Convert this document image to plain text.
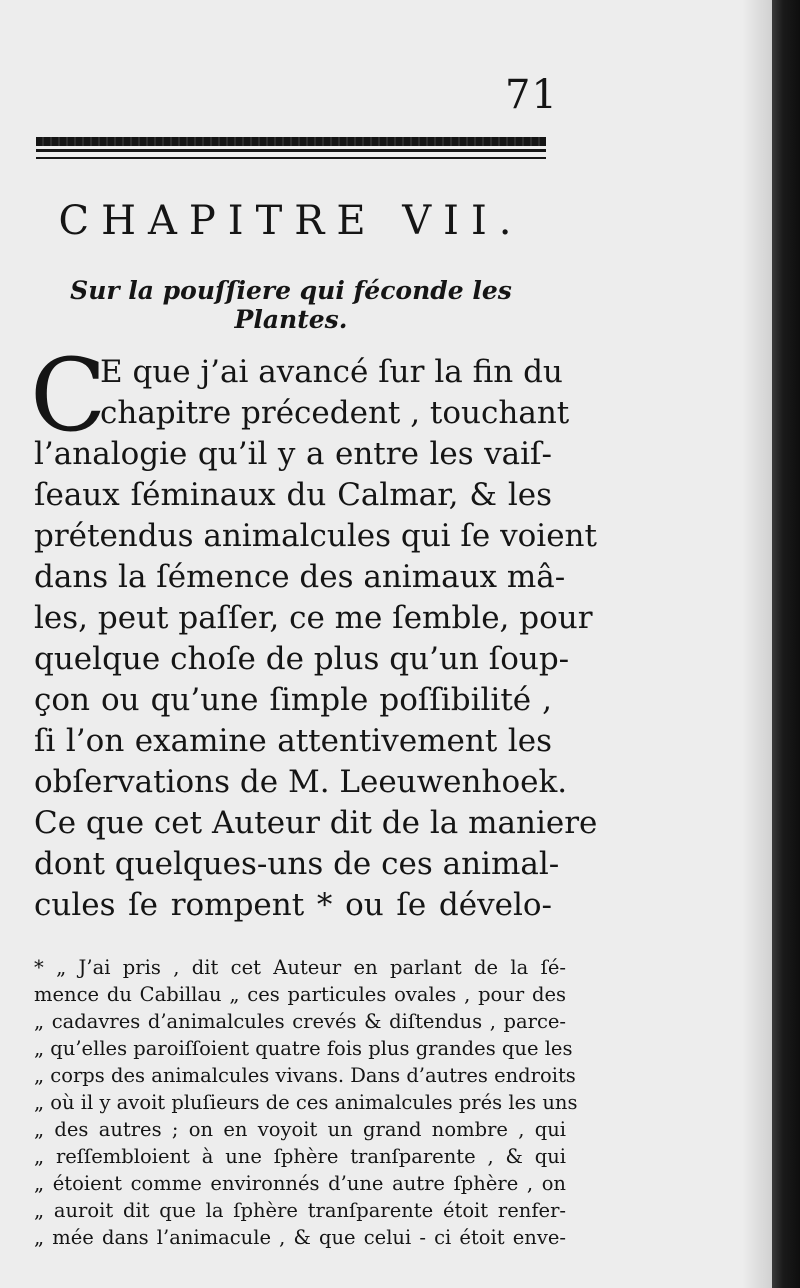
71
CHAPITRE VII.
Sur la pouſſiere qui féconde les Plantes.
C
E que j’ai avancé ſur la fin du
chapitre précedent , touchant
l’analogie qu’il y a entre les vaiſ-
ſeaux ſéminaux du Calmar, & les
prétendus animalcules qui ſe voient
dans la ſémence des animaux mâ-
les, peut paſſer, ce me ſemble, pour
quelque choſe de plus qu’un ſoup-
çon ou qu’une ſimple poſſibilité ,
ſi l’on examine attentivement les
obſervations de M. Leeuwenhoek.
Ce que cet Auteur dit de la maniere
dont quelques-uns de ces animal-
cules ſe rompent * ou ſe dévelo-
* „ J’ai pris , dit cet Auteur en parlant de la ſé-
mence du Cabillau „ ces particules ovales , pour des
„ cadavres d’animalcules crevés & diſtendus , parce-
„ qu’elles paroiſſoient quatre fois plus grandes que les
„ corps des animalcules vivans. Dans d’autres endroits
„ où il y avoit pluſieurs de ces animalcules prés les uns
„ des autres ; on en voyoit un grand nombre , qui
„ reſſembloient à une ſphère tranſparente , & qui
„ étoient comme environnés d’une autre ſphère , on
„ auroit dit que la ſphère tranſparente étoit renfer-
„ mée dans l’animacule , & que celui - ci étoit enve-
